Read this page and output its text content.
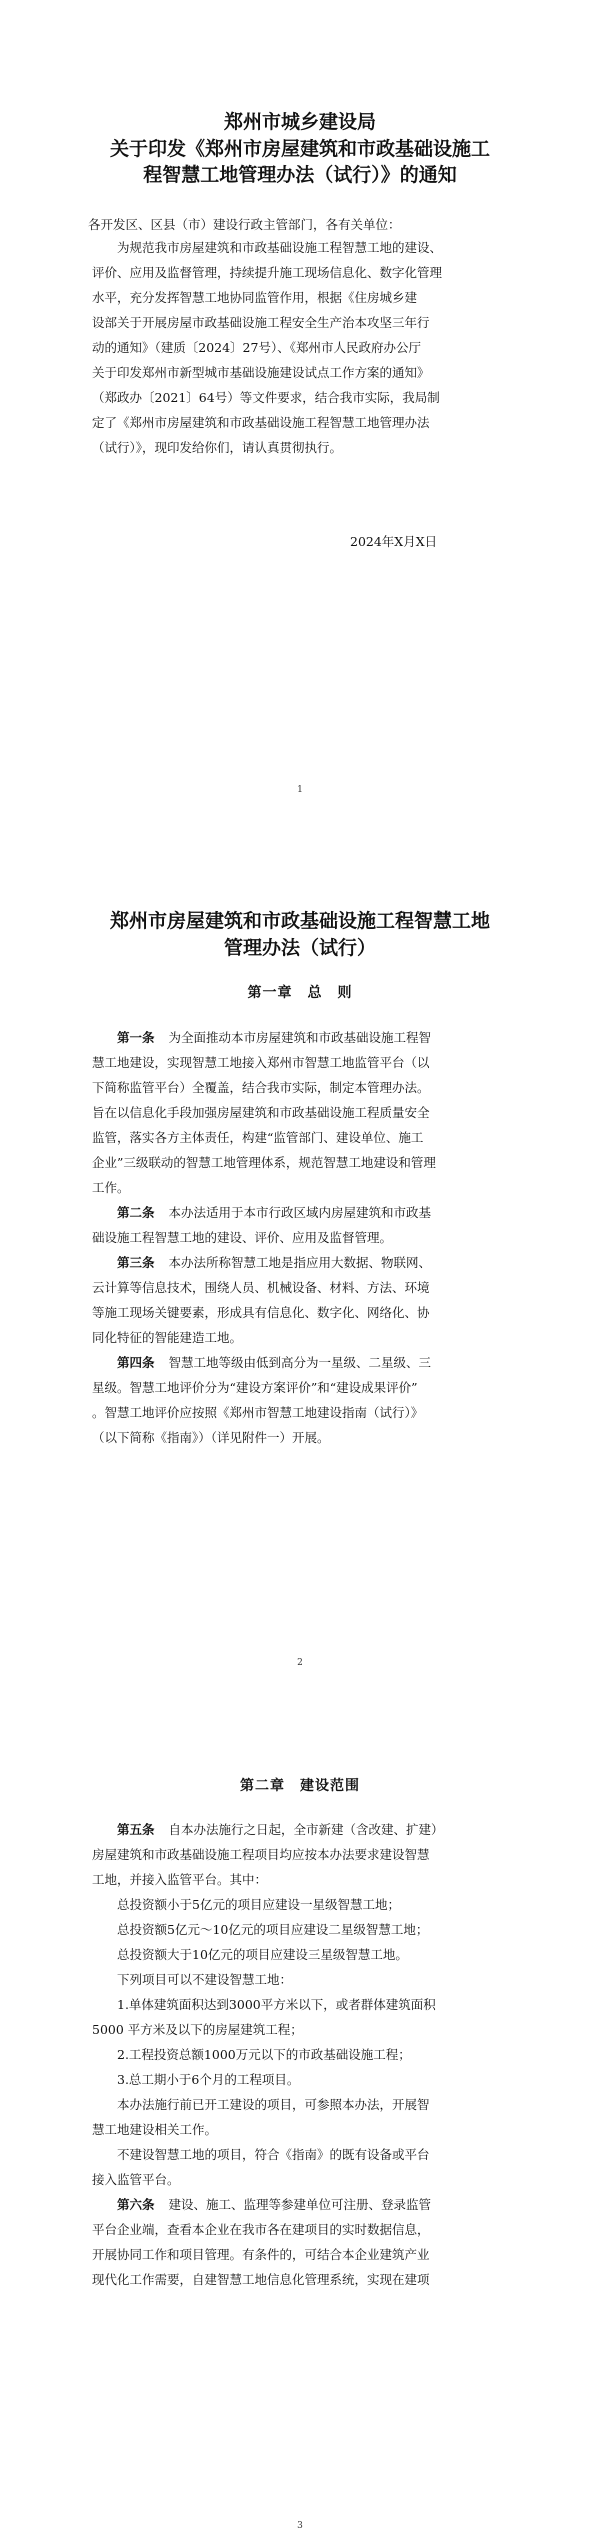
郑州市城乡建设局
关于印发《郑州市房屋建筑和市政基础设施工
程智慧工地管理办法（试行）》的通知
各开发区、区县（市）建设行政主管部门，各有关单位：
为规范我市房屋建筑和市政基础设施工程智慧工地的建设、
评价、应用及监督管理，持续提升施工现场信息化、数字化管理
水平，充分发挥智慧工地协同监管作用，根据《住房城乡建
设部关于开展房屋市政基础设施工程安全生产治本攻坚三年行
动的通知》（建质〔2024〕27号）、《郑州市人民政府办公厅
关于印发郑州市新型城市基础设施建设试点工作方案的通知》
（郑政办〔2021〕64号）等文件要求，结合我市实际，我局制
定了《郑州市房屋建筑和市政基础设施工程智慧工地管理办法
（试行）》，现印发给你们，请认真贯彻执行。
2024年X月X日
1
郑州市房屋建筑和市政基础设施工程智慧工地
管理办法（试行）
第一章　总　则
第一条 为全面推动本市房屋建筑和市政基础设施工程智
慧工地建设，实现智慧工地接入郑州市智慧工地监管平台（以
下简称监管平台）全覆盖，结合我市实际，制定本管理办法。
旨在以信息化手段加强房屋建筑和市政基础设施工程质量安全
监管，落实各方主体责任，构建“监管部门、建设单位、施工
企业”三级联动的智慧工地管理体系，规范智慧工地建设和管理
工作。
第二条 本办法适用于本市行政区域内房屋建筑和市政基
础设施工程智慧工地的建设、评价、应用及监督管理。
第三条 本办法所称智慧工地是指应用大数据、物联网、
云计算等信息技术，围绕人员、机械设备、材料、方法、环境
等施工现场关键要素，形成具有信息化、数字化、网络化、协
同化特征的智能建造工地。
第四条 智慧工地等级由低到高分为一星级、二星级、三
星级。智慧工地评价分为“建设方案评价”和“建设成果评价”
。智慧工地评价应按照《郑州市智慧工地建设指南（试行）》
（以下简称《指南》）（详见附件一）开展。
2
第二章　建设范围
第五条 自本办法施行之日起，全市新建（含改建、扩建）
房屋建筑和市政基础设施工程项目均应按本办法要求建设智慧
工地，并接入监管平台。其中：
总投资额小于5亿元的项目应建设一星级智慧工地；
总投资额5亿元～10亿元的项目应建设二星级智慧工地；
总投资额大于10亿元的项目应建设三星级智慧工地。
下列项目可以不建设智慧工地：
1.单体建筑面积达到3000平方米以下，或者群体建筑面积
5000 平方米及以下的房屋建筑工程；
2.工程投资总额1000万元以下的市政基础设施工程；
3.总工期小于6个月的工程项目。
本办法施行前已开工建设的项目，可参照本办法，开展智
慧工地建设相关工作。
不建设智慧工地的项目，符合《指南》的既有设备或平台
接入监管平台。
第六条 建设、施工、监理等参建单位可注册、登录监管
平台企业端，查看本企业在我市各在建项目的实时数据信息，
开展协同工作和项目管理。有条件的，可结合本企业建筑产业
现代化工作需要，自建智慧工地信息化管理系统，实现在建项
3
